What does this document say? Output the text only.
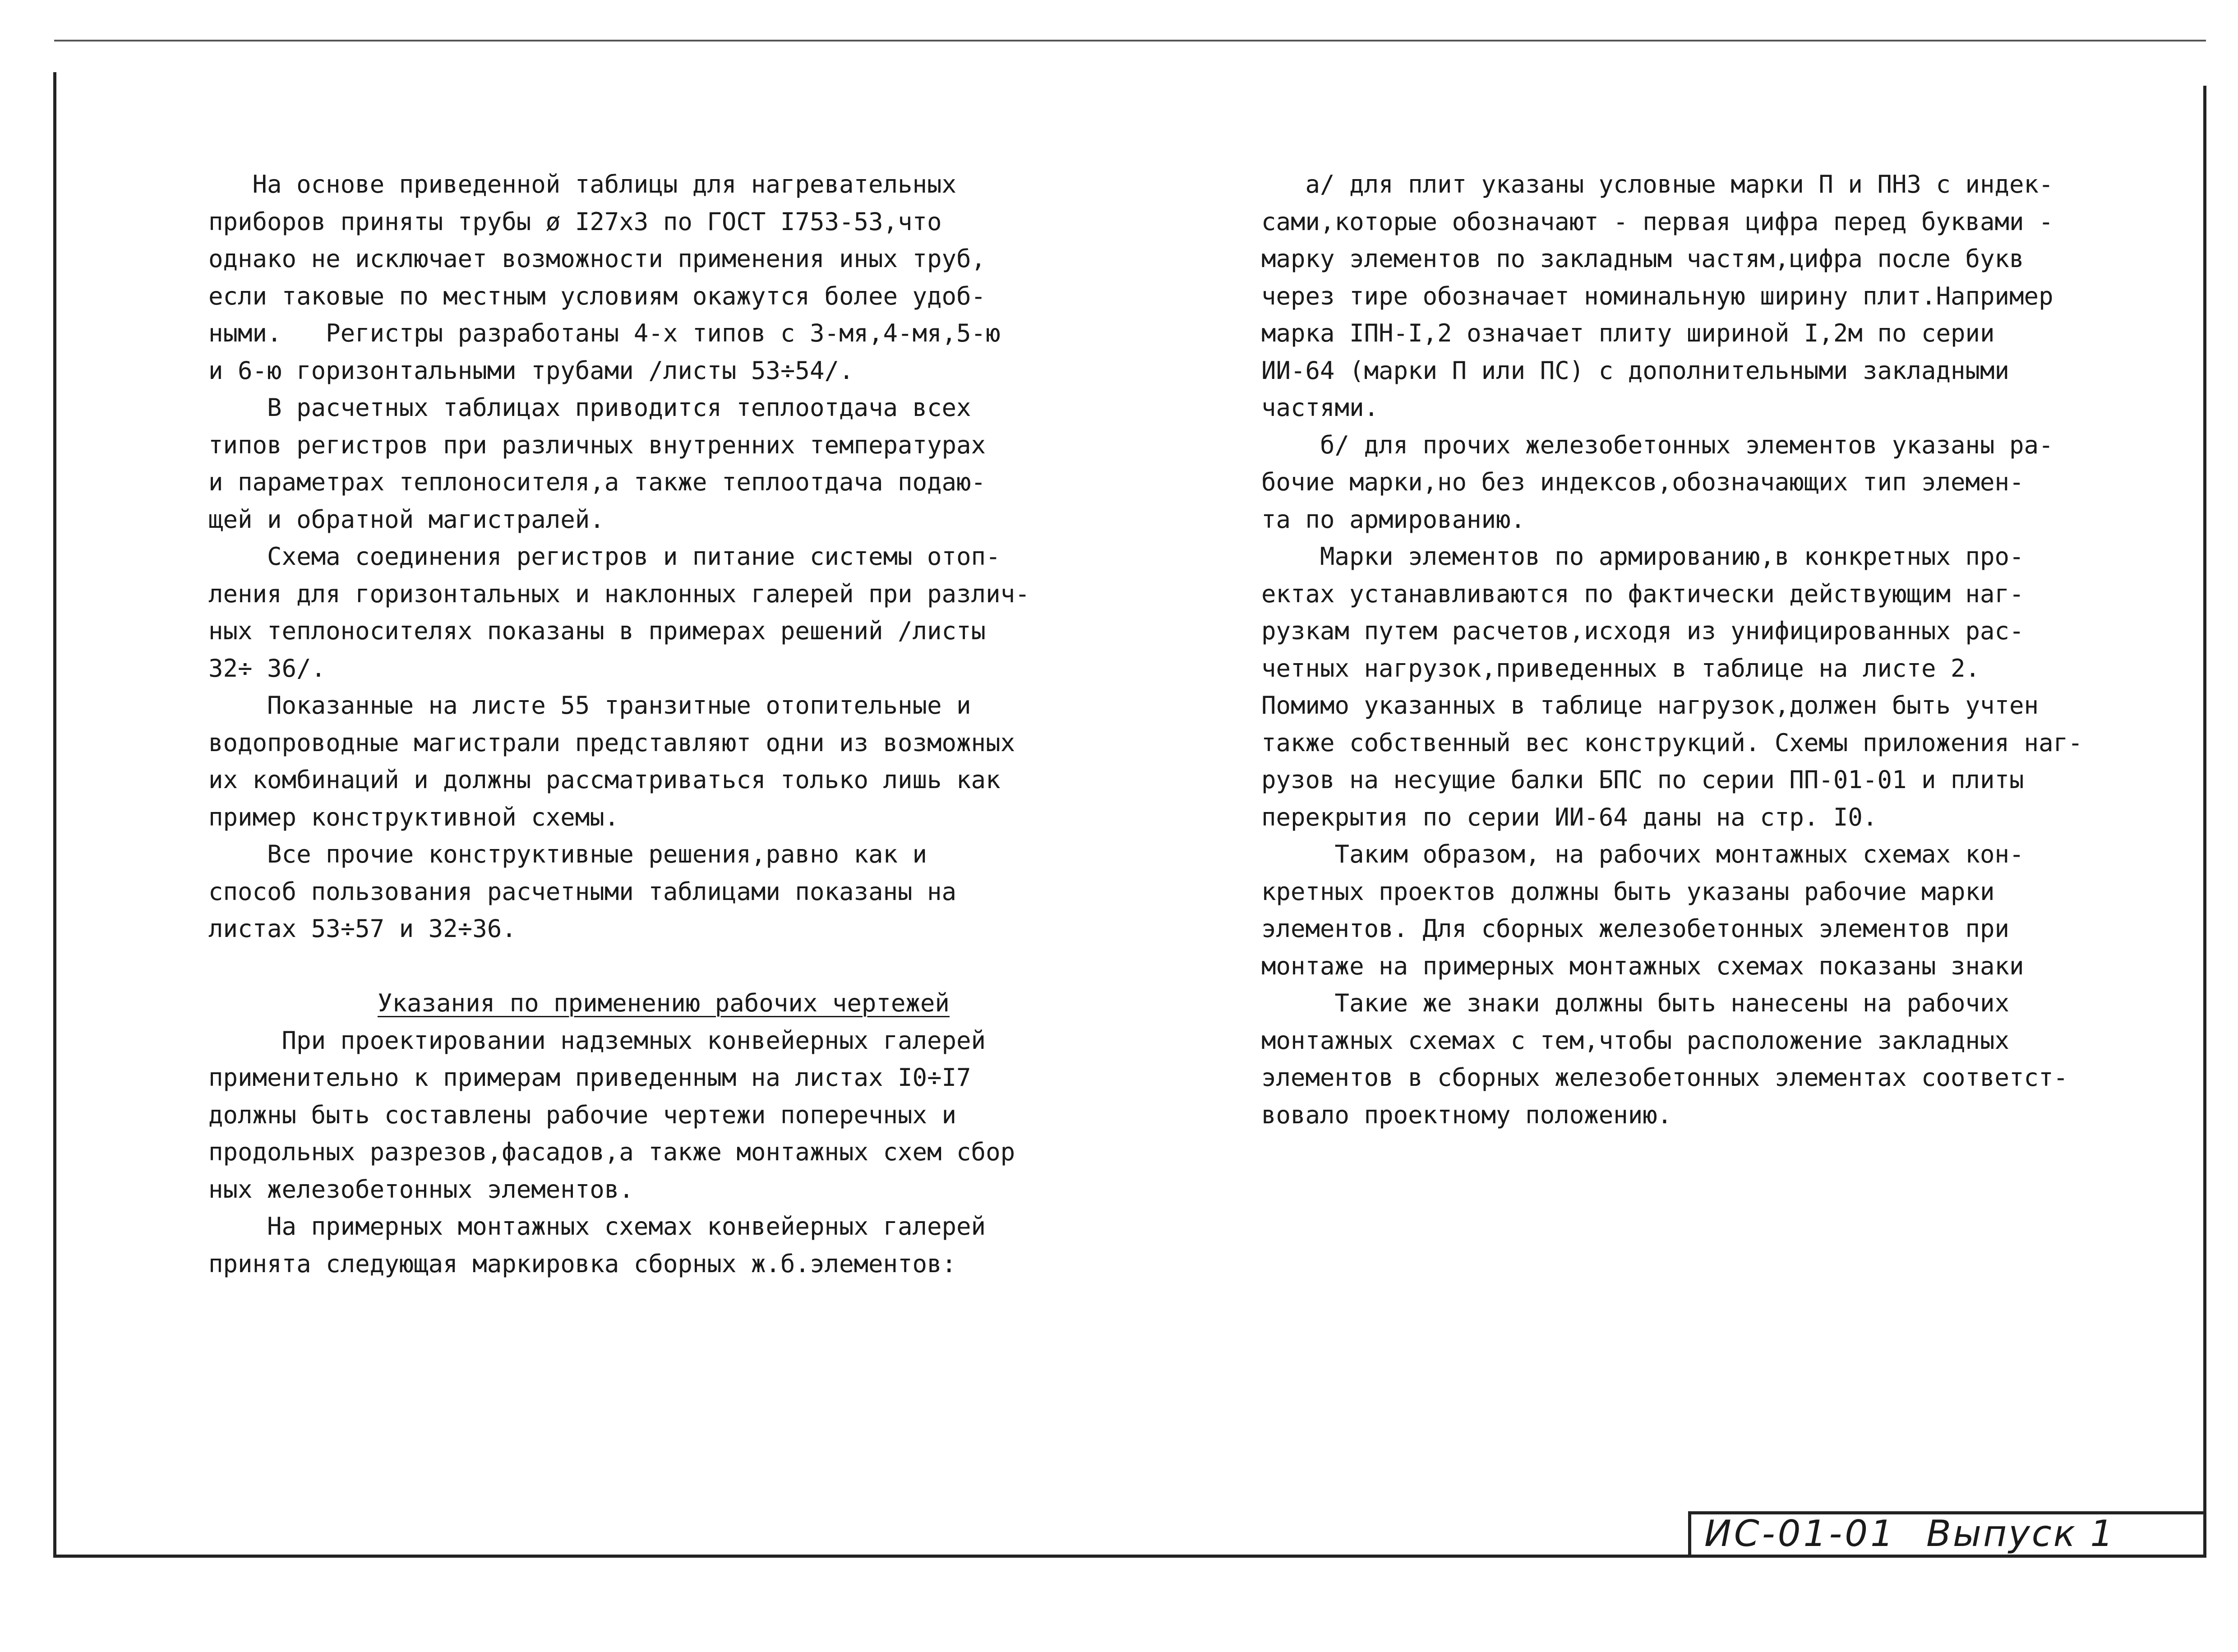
На основе приведенной таблицы для нагревательных
приборов приняты трубы ø I27x3 по ГОСТ I753-53,что
однако не исключает возможности применения иных труб,
если таковые по местным условиям окажутся более удоб-
ными.   Регистры разработаны 4-х типов с 3-мя,4-мя,5-ю
и 6-ю горизонтальными трубами /листы 53÷54/.
В расчетных таблицах приводится теплоотдача всех
типов регистров при различных внутренних температурах
и параметрах теплоносителя,а также теплоотдача подаю-
щей и обратной магистралей.
Схема соединения регистров и питание системы отоп-
ления для горизонтальных и наклонных галерей при различ-
ных теплоносителях показаны в примерах решений /листы
32÷ 36/.
Показанные на листе 55 транзитные отопительные и
водопроводные магистрали представляют одни из возможных
их комбинаций и должны рассматриваться только лишь как
пример конструктивной схемы.
Все прочие конструктивные решения,равно как и
способ пользования расчетными таблицами показаны на
листах 53÷57 и 32÷36.
Указания по применению рабочих чертежей
При проектировании надземных конвейерных галерей
применительно к примерам приведенным на листах I0÷I7
должны быть составлены рабочие чертежи поперечных и
продольных разрезов,фасадов,а также монтажных схем сбор
ных железобетонных элементов.
На примерных монтажных схемах конвейерных галерей
принята следующая маркировка сборных ж.б.элементов:
а/ для плит указаны условные марки П и ПН3 с индек-
сами,которые обозначают - первая цифра перед буквами -
марку элементов по закладным частям,цифра после букв
через тире обозначает номинальную ширину плит.Например
марка IПН-I,2 означает плиту шириной I,2м по серии
ИИ-64 (марки П или ПС) с дополнительными закладными
частями.
б/ для прочих железобетонных элементов указаны ра-
бочие марки,но без индексов,обозначающих тип элемен-
та по армированию.
Марки элементов по армированию,в конкретных про-
ектах устанавливаются по фактически действующим наг-
рузкам путем расчетов,исходя из унифицированных рас-
четных нагрузок,приведенных в таблице на листе 2.
Помимо указанных в таблице нагрузок,должен быть учтен
также собственный вес конструкций. Схемы приложения наг-
рузов на несущие балки БПС по серии ПП-01-01 и плиты
перекрытия по серии ИИ-64 даны на стр. I0.
Таким образом, на рабочих монтажных схемах кон-
кретных проектов должны быть указаны рабочие марки
элементов. Для сборных железобетонных элементов при
монтаже на примерных монтажных схемах показаны знаки
Такие же знаки должны быть нанесены на рабочих
монтажных схемах с тем,чтобы расположение закладных
элементов в сборных железобетонных элементах соответст-
вовало проектному положению.
ИС-01-01 Выпуск 1
